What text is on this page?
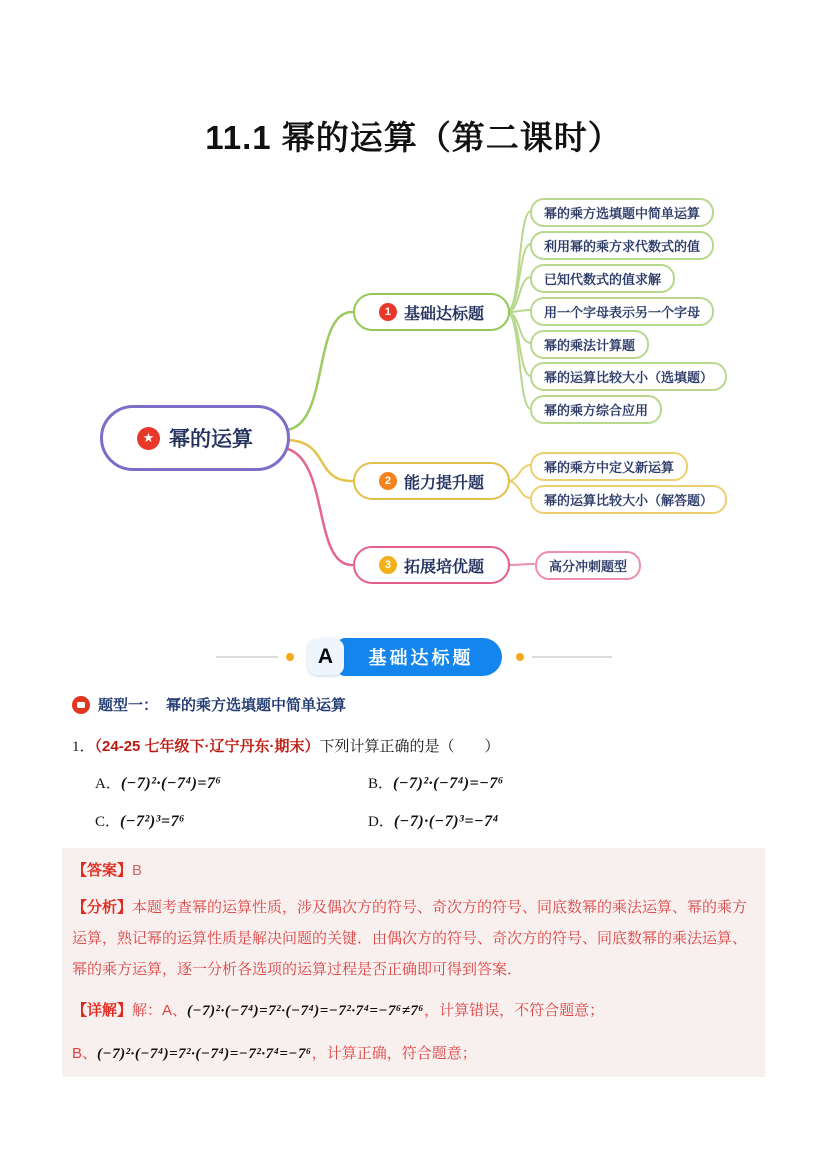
11.1 幂的运算（第二课时）
★ 幂的运算
1 基础达标题
2 能力提升题
3 拓展培优题
幂的乘方选填题中简单运算
利用幂的乘方求代数式的值
已知代数式的值求解
用一个字母表示另一个字母
幂的乘法计算题
幂的运算比较大小（选填题）
幂的乘方综合应用
幂的乘方中定义新运算
幂的运算比较大小（解答题）
高分冲刺题型
A	基础达标题
题型一： 幂的乘方选填题中简单运算
1．（24-25 七年级下·辽宁丹东·期末）下列计算正确的是（　　）
A． (−7)²·(−7⁴)=7⁶	B． (−7)²·(−7⁴)=−7⁶
C． (−7²)³=7⁶	D． (−7)·(−7)³=−7⁴

【答案】B

【分析】本题考查幂的运算性质，涉及偶次方的符号、奇次方的符号、同底数幂的乘法运算、幂的乘方运算，熟记幂的运算性质是解决问题的关键．由偶次方的符号、奇次方的符号、同底数幂的乘法运算、幂的乘方运算，逐一分析各选项的运算过程是否正确即可得到答案．

【详解】解：A、(−7)²·(−7⁴)=7²·(−7⁴)=−7²·7⁴=−7⁶≠7⁶，计算错误，不符合题意；

B、(−7)²·(−7⁴)=7²·(−7⁴)=−7²·7⁴=−7⁶，计算正确，符合题意；
